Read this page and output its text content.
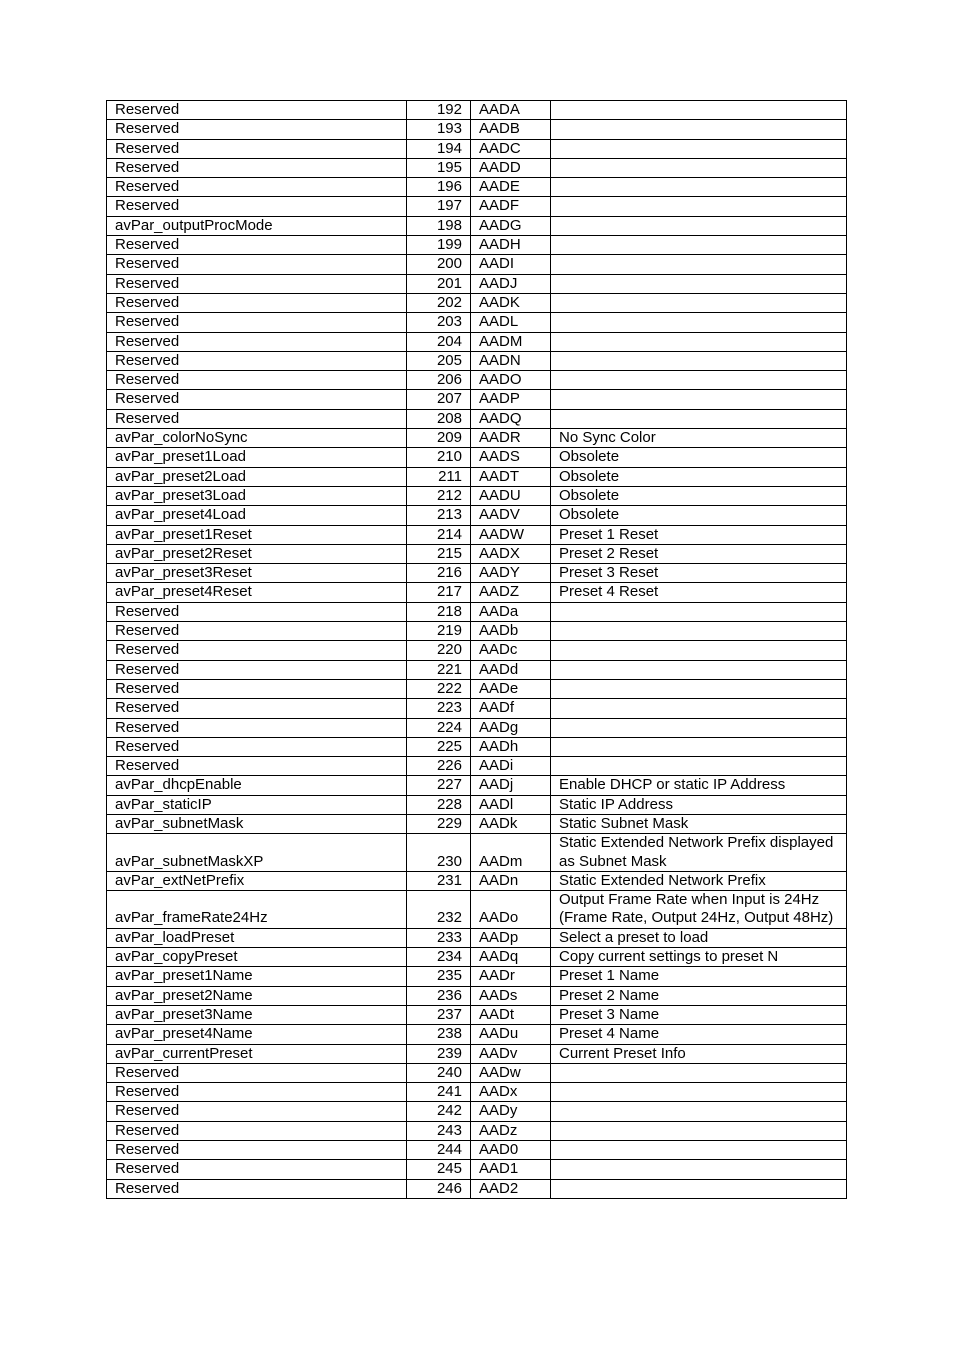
Reserved	192	AADA	
Reserved	193	AADB	
Reserved	194	AADC	
Reserved	195	AADD	
Reserved	196	AADE	
Reserved	197	AADF	
avPar_outputProcMode	198	AADG	
Reserved	199	AADH	
Reserved	200	AADI	
Reserved	201	AADJ	
Reserved	202	AADK	
Reserved	203	AADL	
Reserved	204	AADM	
Reserved	205	AADN	
Reserved	206	AADO	
Reserved	207	AADP	
Reserved	208	AADQ	
avPar_colorNoSync	209	AADR	No Sync Color
avPar_preset1Load	210	AADS	Obsolete
avPar_preset2Load	211	AADT	Obsolete
avPar_preset3Load	212	AADU	Obsolete
avPar_preset4Load	213	AADV	Obsolete
avPar_preset1Reset	214	AADW	Preset 1 Reset
avPar_preset2Reset	215	AADX	Preset 2 Reset
avPar_preset3Reset	216	AADY	Preset 3 Reset
avPar_preset4Reset	217	AADZ	Preset 4 Reset
Reserved	218	AADa	
Reserved	219	AADb	
Reserved	220	AADc	
Reserved	221	AADd	
Reserved	222	AADe	
Reserved	223	AADf	
Reserved	224	AADg	
Reserved	225	AADh	
Reserved	226	AADi	
avPar_dhcpEnable	227	AADj	Enable DHCP or static IP Address
avPar_staticIP	228	AADl	Static IP Address
avPar_subnetMask	229	AADk	Static Subnet Mask
avPar_subnetMaskXP	230	AADm	Static Extended Network Prefix displayed as Subnet Mask
avPar_extNetPrefix	231	AADn	Static Extended Network Prefix
avPar_frameRate24Hz	232	AADo	Output Frame Rate when Input is 24Hz (Frame Rate, Output 24Hz, Output 48Hz)
avPar_loadPreset	233	AADp	Select a preset to load
avPar_copyPreset	234	AADq	Copy current settings to preset N
avPar_preset1Name	235	AADr	Preset 1 Name
avPar_preset2Name	236	AADs	Preset 2 Name
avPar_preset3Name	237	AADt	Preset 3 Name
avPar_preset4Name	238	AADu	Preset 4 Name
avPar_currentPreset	239	AADv	Current Preset Info
Reserved	240	AADw	
Reserved	241	AADx	
Reserved	242	AADy	
Reserved	243	AADz	
Reserved	244	AAD0	
Reserved	245	AAD1	
Reserved	246	AAD2	
